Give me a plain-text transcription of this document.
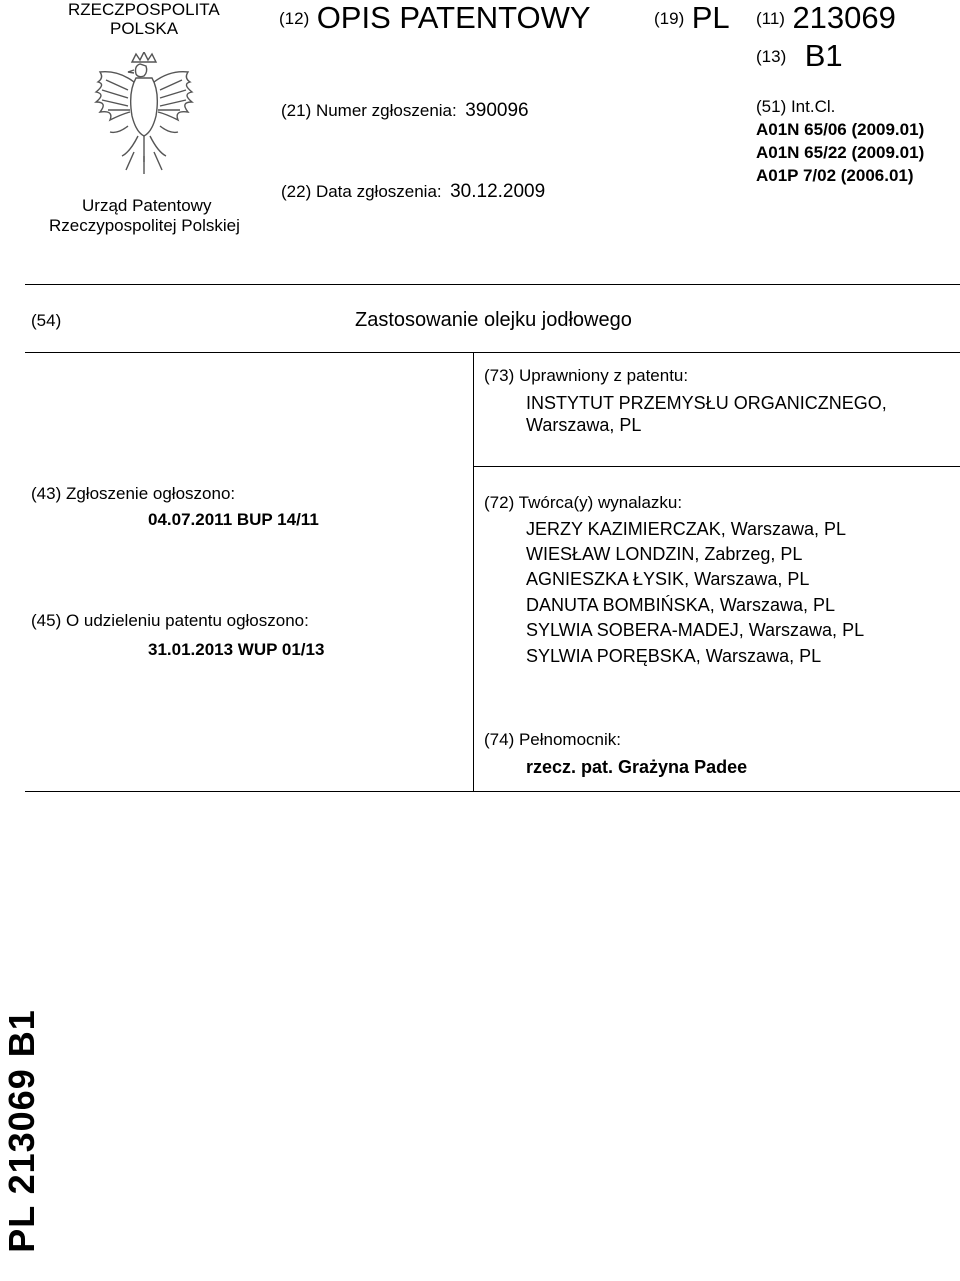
RZECZPOSPOLITA
POLSKA
Urząd Patentowy
Rzeczypospolitej Polskiej
(12) OPIS PATENTOWY
(21) Numer zgłoszenia: 390096
(22) Data zgłoszenia: 30.12.2009
(19) PL (11) 213069
(13) B1
(51) Int.Cl.
A01N 65/06 (2009.01)
A01N 65/22 (2009.01)
A01P 7/02 (2006.01)
(54)	Zastosowanie olejku jodłowego
(73) Uprawniony z patentu:
INSTYTUT PRZEMYSŁU ORGANICZNEGO,
Warszawa, PL
(43) Zgłoszenie ogłoszono:
04.07.2011 BUP 14/11
(45) O udzieleniu patentu ogłoszono:
31.01.2013 WUP 01/13
(72) Twórca(y) wynalazku:
JERZY KAZIMIERCZAK, Warszawa, PL
WIESŁAW LONDZIN, Zabrzeg, PL
AGNIESZKA ŁYSIK, Warszawa, PL
DANUTA BOMBIŃSKA, Warszawa, PL
SYLWIA SOBERA-MADEJ, Warszawa, PL
SYLWIA PORĘBSKA, Warszawa, PL
(74) Pełnomocnik:
rzecz. pat. Grażyna Padee
PL 213069 B1
